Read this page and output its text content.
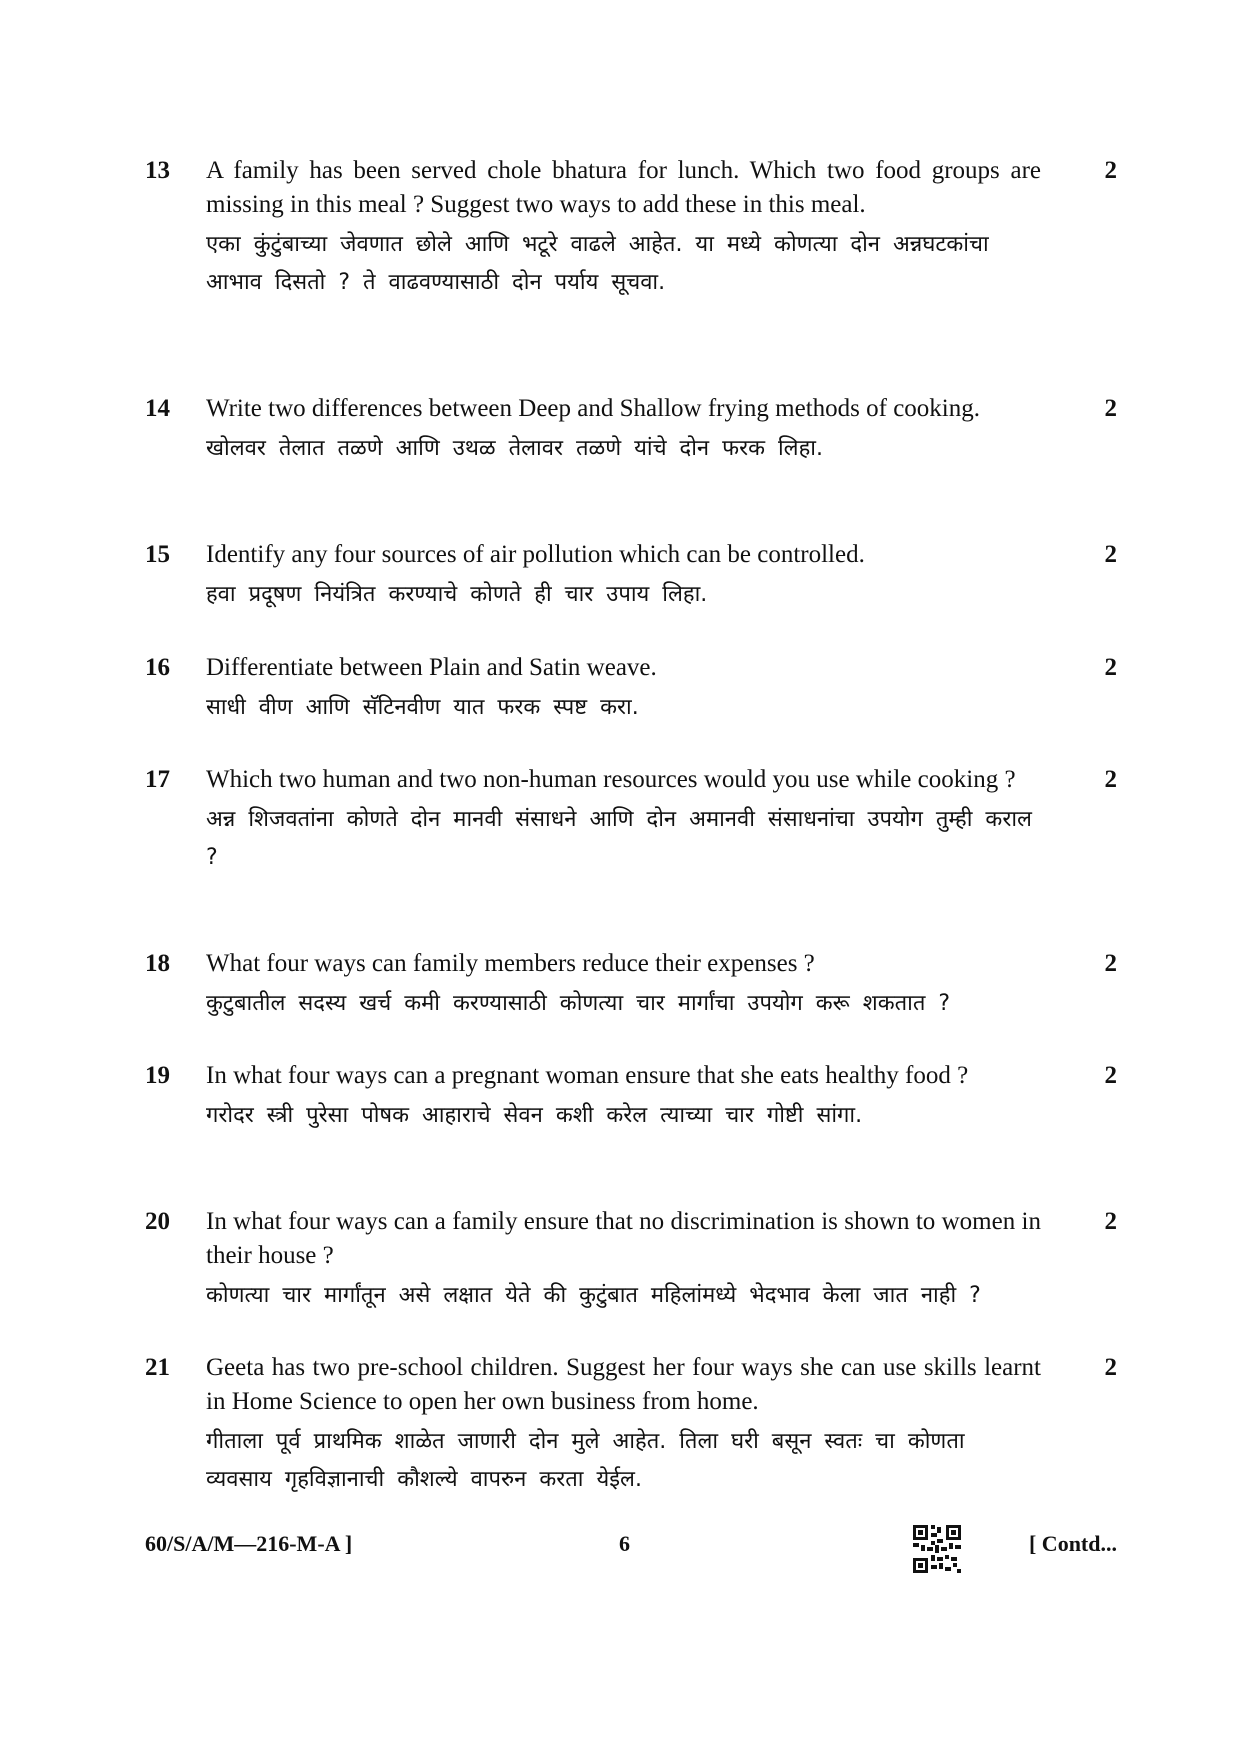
13	A family has been served chole bhatura for lunch. Which two food groups are missing in this meal ? Suggest two ways to add these in this meal.

एका कुंटुंबाच्या जेवणात छोले आणि भटूरे वाढले आहेत. या मध्ये कोणत्या दोन अन्नघटकांचा आभाव दिसतो ? ते वाढवण्यासाठी दोन पर्याय सूचवा.

2
14	Write two differences between Deep and Shallow frying methods of cooking.

खोलवर तेलात तळणे आणि उथळ तेलावर तळणे यांचे दोन फरक लिहा.

2
15	Identify any four sources of air pollution which can be controlled.

हवा प्रदूषण नियंत्रित करण्याचे कोणते ही चार उपाय लिहा.

2
16	Differentiate between Plain and Satin weave.

साधी वीण आणि सॅटिनवीण यात फरक स्पष्ट करा.

2
17	Which two human and two non-human resources would you use while cooking ?

अन्न शिजवतांना कोणते दोन मानवी संसाधने आणि दोन अमानवी संसाधनांचा उपयोग तुम्ही कराल ?

2
18	What four ways can family members reduce their expenses ?

कुटुबातील सदस्य खर्च कमी करण्यासाठी कोणत्या चार मार्गांचा उपयोग करू शकतात ?

2
19	In what four ways can a pregnant woman ensure that she eats healthy food ?

गरोदर स्त्री पुरेसा पोषक आहाराचे सेवन कशी करेल त्याच्या चार गोष्टी सांगा.

2
20	In what four ways can a family ensure that no discrimination is shown to women in their house ?

कोणत्या चार मार्गांतून असे लक्षात येते की कुटुंबात महिलांमध्ये भेदभाव केला जात नाही ?

2
21	Geeta has two pre-school children. Suggest her four ways she can use skills learnt in Home Science to open her own business from home.

गीताला पूर्व प्राथमिक शाळेत जाणारी दोन मुले आहेत. तिला घरी बसून स्वतः चा कोणता व्यवसाय गृहविज्ञानाची कौशल्ये वापरुन करता येईल.

2
60/S/A/M—216-M-A ]	6	[ Contd...
